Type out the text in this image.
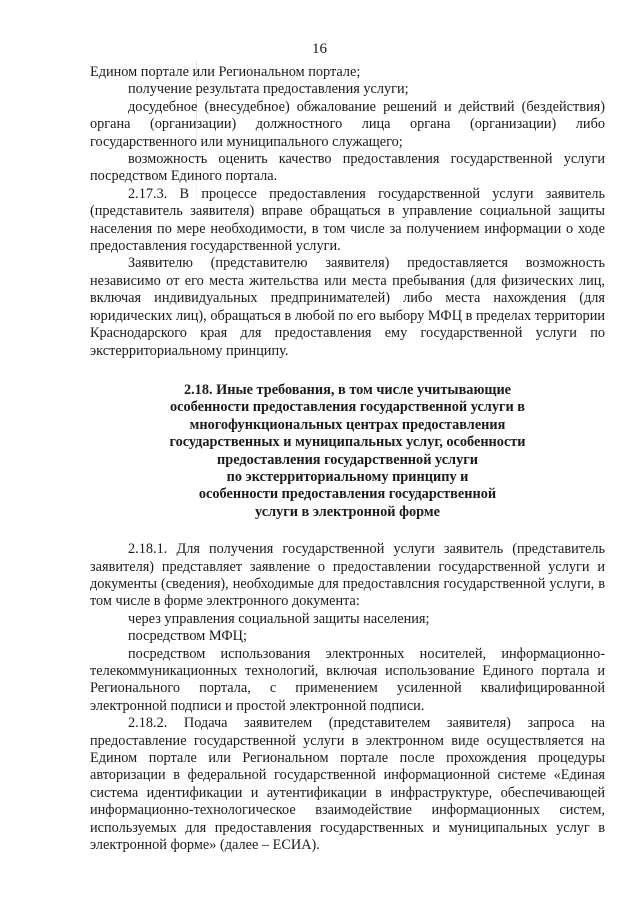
16

Едином портале или Региональном портале;

получение результата предоставления услуги;

досудебное (внесудебное) обжалование решений и действий (бездействия) органа (организации) должностного лица органа (организации) либо государственного или муниципального служащего;

возможность оценить качество предоставления государственной услуги посредством Единого портала.

2.17.3. В процессе предоставления государственной услуги заявитель (представитель заявителя) вправе обращаться в управление социальной защиты населения по мере необходимости, в том числе за получением информации о ходе предоставления государственной услуги.

Заявителю (представителю заявителя) предоставляется возможность независимо от его места жительства или места пребывания (для физических лиц, включая индивидуальных предпринимателей) либо места нахождения (для юридических лиц), обращаться в любой по его выбору МФЦ в пределах территории Краснодарского края для предоставления ему государственной услуги по экстерриториальному принципу.

2.18. Иные требования, в том числе учитывающие
особенности предоставления государственной услуги в
многофункциональных центрах предоставления
государственных и муниципальных услуг, особенности
предоставления государственной услуги
по экстерриториальному принципу и
особенности предоставления государственной
услуги в электронной форме

2.18.1. Для получения государственной услуги заявитель (представитель заявителя) представляет заявление о предоставлении государственной услуги и документы (сведения), необходимые для предоставлсния государственной услуги, в том числе в форме электронного документа:

через управления социальной защиты населения;

посредством МФЦ;

посредством использования электронных носителей, информационно-телекоммуникационных технологий, включая использование Единого портала и Регионального портала, с применением усиленной квалифицированной электронной подписи и простой электронной подписи.

2.18.2. Подача заявителем (представителем заявителя) запроса на предоставление государственной услуги в электронном виде осуществляется на Едином портале или Региональном портале после прохождения процедуры авторизации в федеральной государственной информационной системе «Единая система идентификации и аутентификации в инфраструктуре, обеспечивающей информационно-технологическое взаимодействие информационных систем, используемых для предоставления государственных и муниципальных услуг в электронной форме» (далее – ЕСИА).
